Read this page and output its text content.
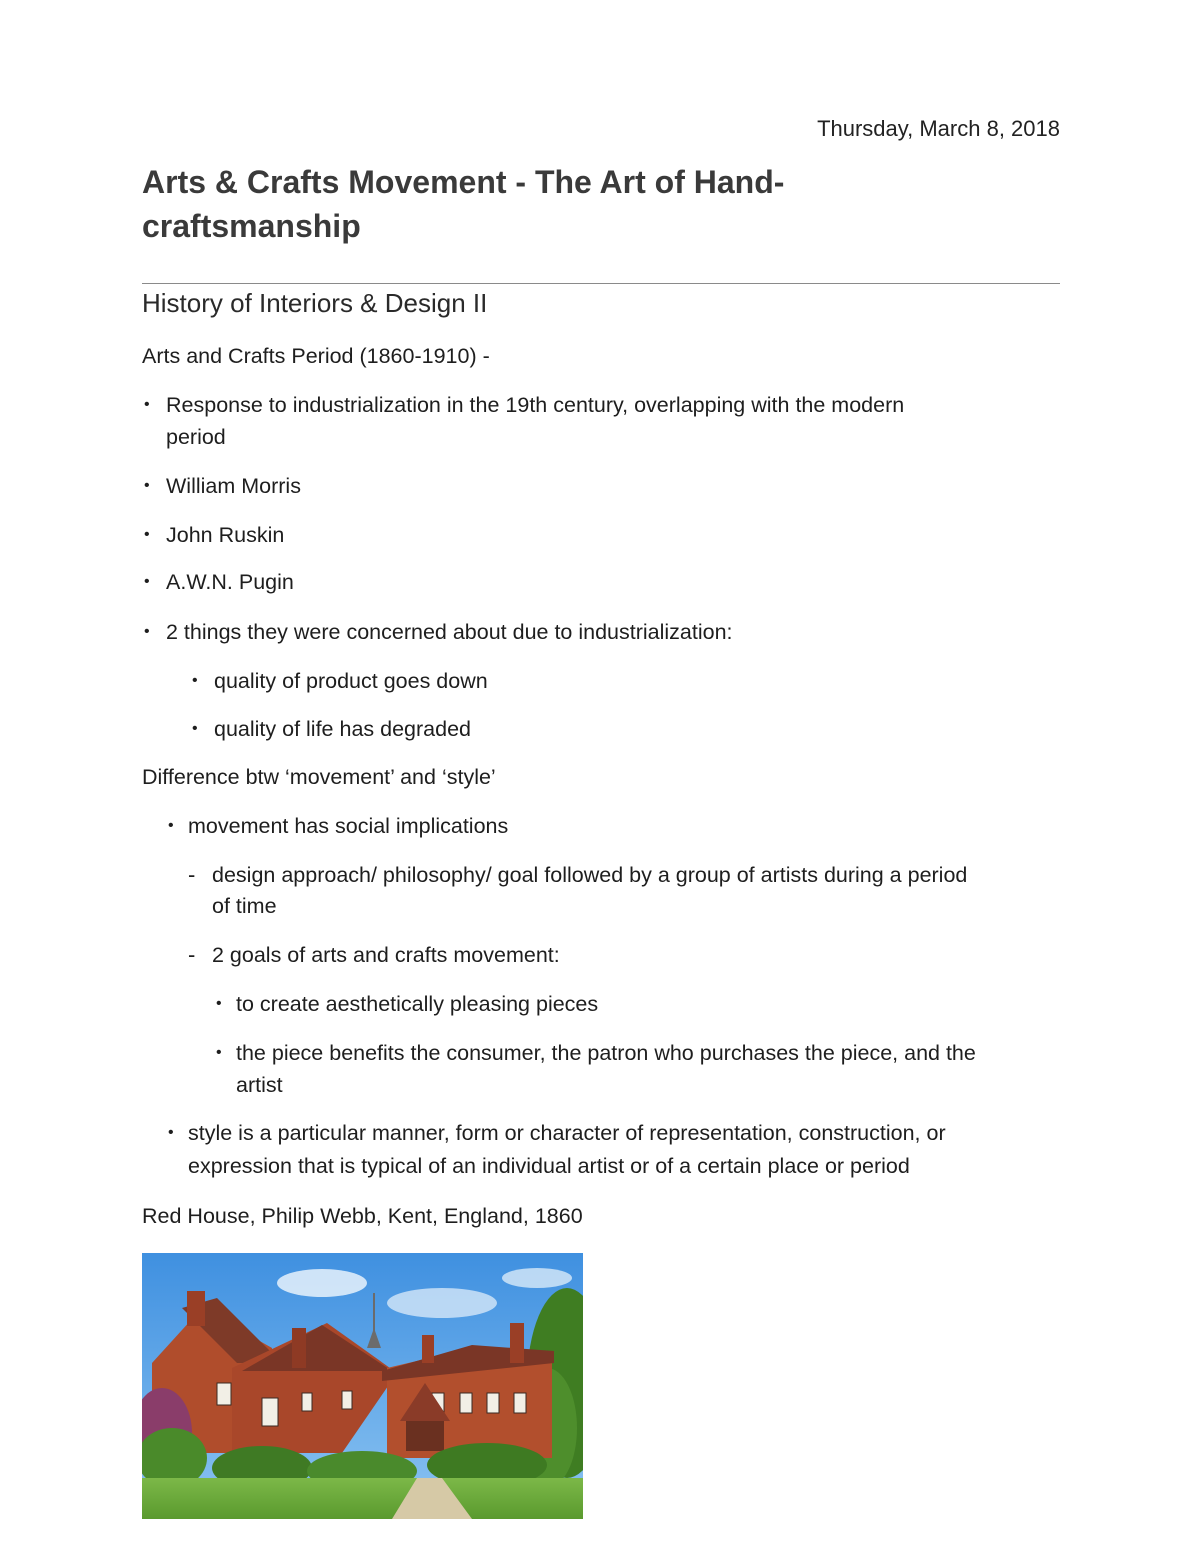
Thursday, March 8, 2018
Arts & Crafts Movement - The Art of Hand-
craftsmanship
History of Interiors & Design II
Arts and Crafts Period (1860-1910) -
• Response to industrialization in the 19th century, overlapping with the modern
period
• William Morris
• John Ruskin
• A.W.N. Pugin
• 2 things they were concerned about due to industrialization:
• quality of product goes down
• quality of life has degraded
Difference btw ‘movement’ and ‘style’
• movement has social implications
- design approach/ philosophy/ goal followed by a group of artists during a period
of time
- 2 goals of arts and crafts movement:
• to create aesthetically pleasing pieces
• the piece benefits the consumer, the patron who purchases the piece, and the
artist
• style is a particular manner, form or character of representation, construction, or
expression that is typical of an individual artist or of a certain place or period
Red House, Philip Webb, Kent, England, 1860
